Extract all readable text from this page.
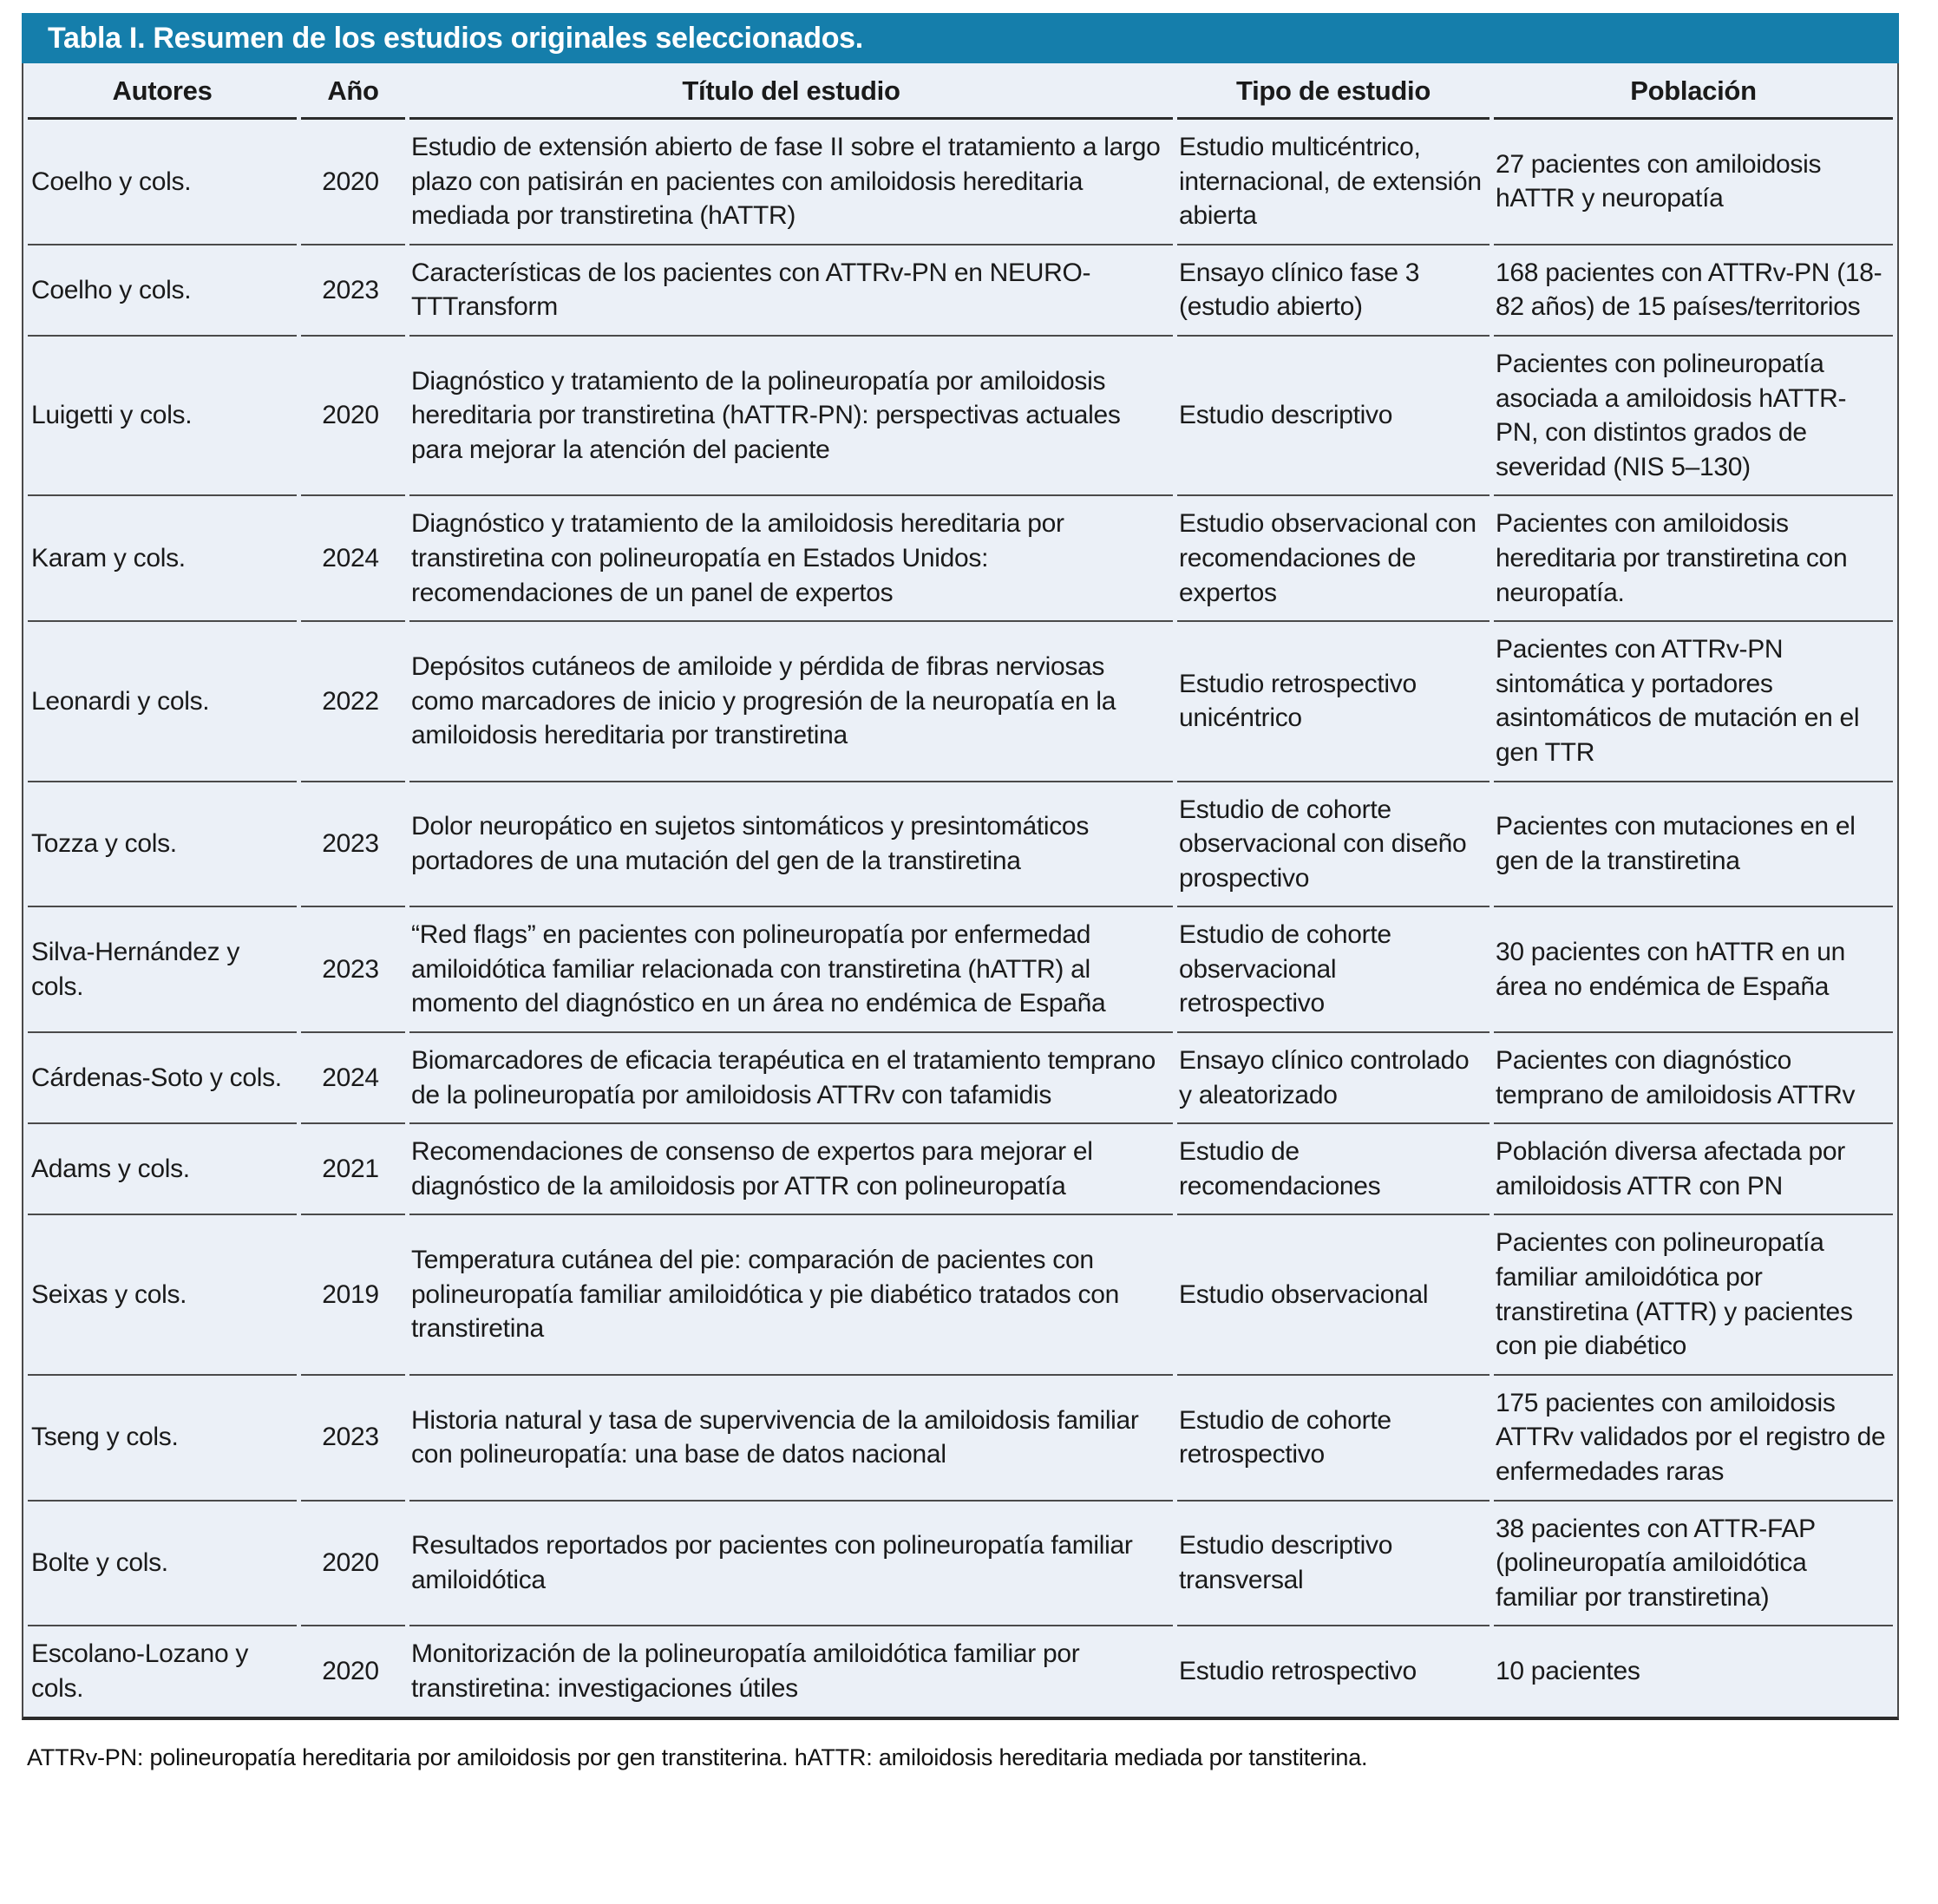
Tabla I. Resumen de los estudios originales seleccionados.
Autores	Año	Título del estudio	Tipo de estudio	Población
Coelho y cols.	2020	Estudio de extensión abierto de fase II sobre el tratamiento a largo plazo con patisirán en pacientes con amiloidosis hereditaria mediada por transtiretina (hATTR)	Estudio multicéntrico, internacional, de extensión abierta	27 pacientes con amiloidosis hATTR y neuropatía
Coelho y cols.	2023	Características de los pacientes con ATTRv-PN en NEURO-TTTransform	Ensayo clínico fase 3 (estudio abierto)	168 pacientes con ATTRv-PN (18-82 años) de 15 países/territorios
Luigetti y cols.	2020	Diagnóstico y tratamiento de la polineuropatía por amiloidosis hereditaria por transtiretina (hATTR-PN): perspectivas actuales para mejorar la atención del paciente	Estudio descriptivo	Pacientes con polineuropatía asociada a amiloidosis hATTR-PN, con distintos grados de severidad (NIS 5–130)
Karam y cols.	2024	Diagnóstico y tratamiento de la amiloidosis hereditaria por transtiretina con polineuropatía en Estados Unidos: recomendaciones de un panel de expertos	Estudio observacional con recomendaciones de expertos	Pacientes con amiloidosis hereditaria por transtiretina con neuropatía.
Leonardi y cols.	2022	Depósitos cutáneos de amiloide y pérdida de fibras nerviosas como marcadores de inicio y progresión de la neuropatía en la amiloidosis hereditaria por transtiretina	Estudio retrospectivo unicéntrico	Pacientes con ATTRv-PN sintomática y portadores asintomáticos de mutación en el gen TTR
Tozza y cols.	2023	Dolor neuropático en sujetos sintomáticos y presintomáticos portadores de una mutación del gen de la transtiretina	Estudio de cohorte observacional con diseño prospectivo	Pacientes con mutaciones en el gen de la transtiretina
Silva-Hernández y cols.	2023	“Red flags” en pacientes con polineuropatía por enfermedad amiloidótica familiar relacionada con transtiretina (hATTR) al momento del diagnóstico en un área no endémica de España	Estudio de cohorte observacional retrospectivo	30 pacientes con hATTR en un área no endémica de España
Cárdenas-Soto y cols.	2024	Biomarcadores de eficacia terapéutica en el tratamiento temprano de la polineuropatía por amiloidosis ATTRv con tafamidis	Ensayo clínico controlado y aleatorizado	Pacientes con diagnóstico temprano de amiloidosis ATTRv
Adams y cols.	2021	Recomendaciones de consenso de expertos para mejorar el diagnóstico de la amiloidosis por ATTR con polineuropatía	Estudio de recomendaciones	Población diversa afectada por amiloidosis ATTR con PN
Seixas y cols.	2019	Temperatura cutánea del pie: comparación de pacientes con polineuropatía familiar amiloidótica y pie diabético tratados con transtiretina	Estudio observacional	Pacientes con polineuropatía familiar amiloidótica por transtiretina (ATTR) y pacientes con pie diabético
Tseng y cols.	2023	Historia natural y tasa de supervivencia de la amiloidosis familiar con polineuropatía: una base de datos nacional	Estudio de cohorte retrospectivo	175 pacientes con amiloidosis ATTRv validados por el registro de enfermedades raras
Bolte y cols.	2020	Resultados reportados por pacientes con polineuropatía familiar amiloidótica	Estudio descriptivo transversal	38 pacientes con ATTR-FAP (polineuropatía amiloidótica familiar por transtiretina)
Escolano-Lozano y cols.	2020	Monitorización de la polineuropatía amiloidótica familiar por transtiretina: investigaciones útiles	Estudio retrospectivo	10 pacientes
ATTRv-PN: polineuropatía hereditaria por amiloidosis por gen transtiterina. hATTR: amiloidosis hereditaria mediada por tanstiterina.
